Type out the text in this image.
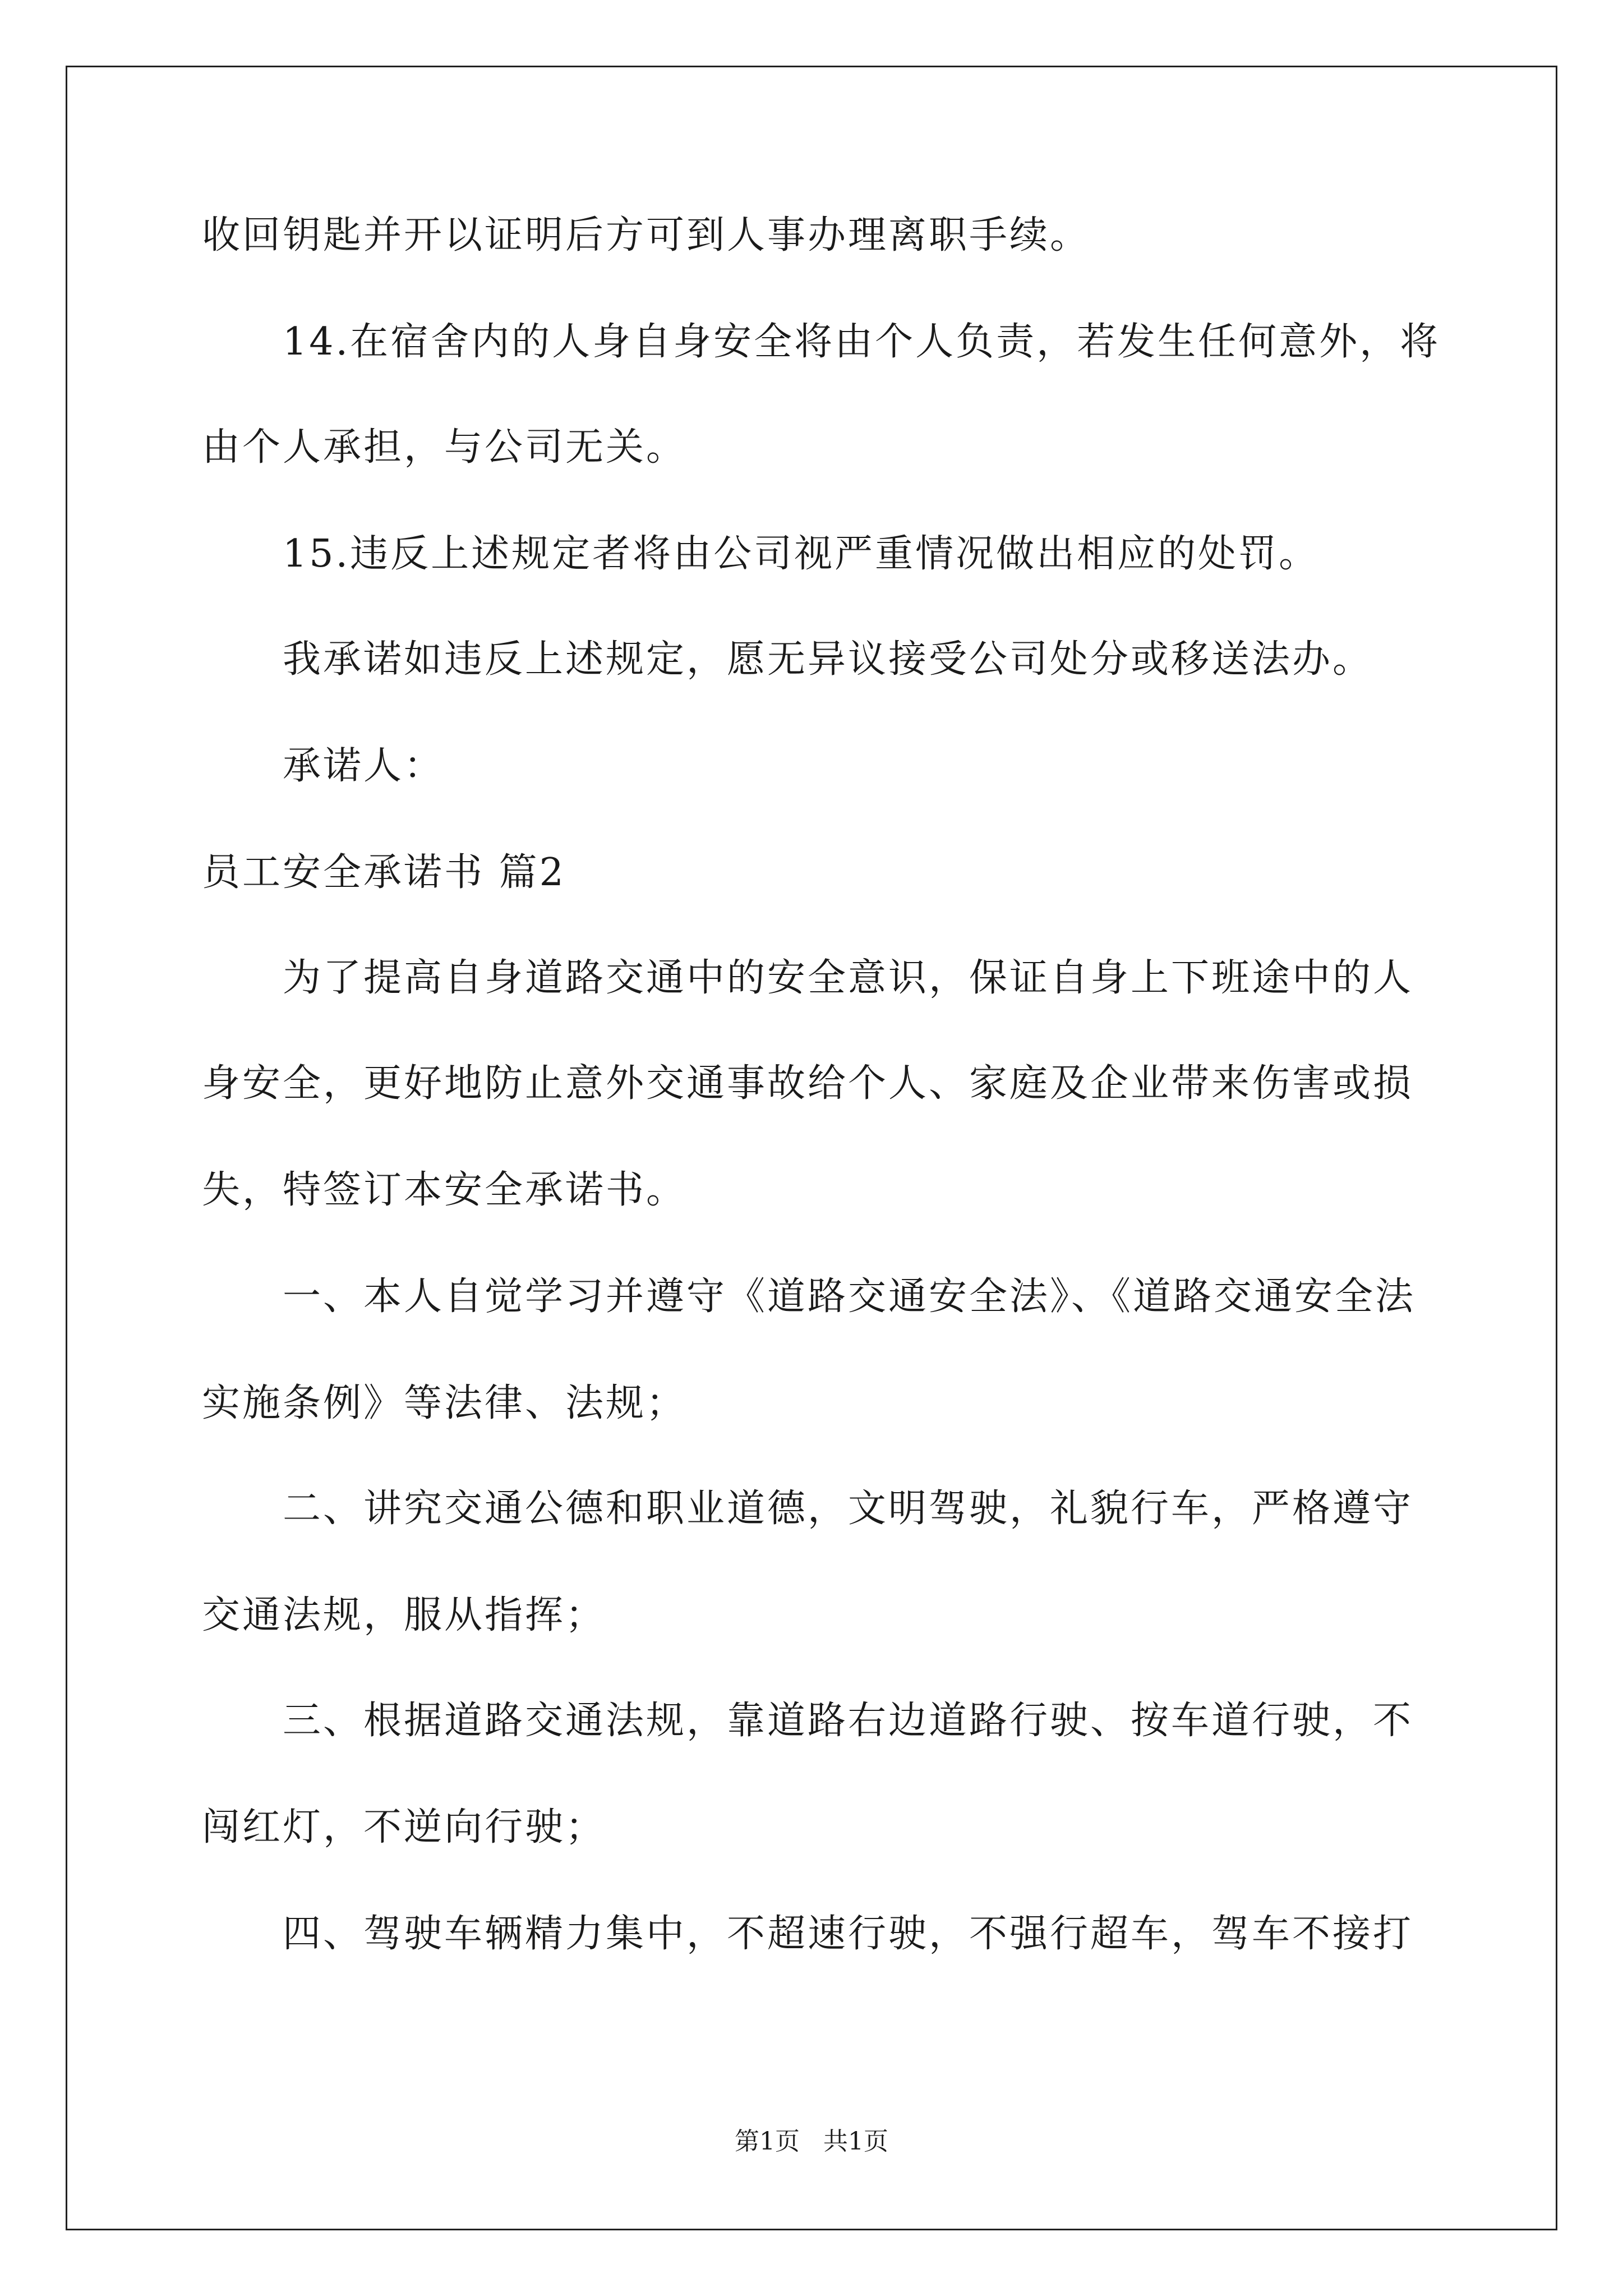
收回钥匙并开以证明后方可到人事办理离职手续。
14.在宿舍内的人身自身安全将由个人负责，若发生任何意外，将
由个人承担，与公司无关。
15.违反上述规定者将由公司视严重情况做出相应的处罚。
我承诺如违反上述规定，愿无异议接受公司处分或移送法办。
承诺人：
员工安全承诺书 篇2
为了提高自身道路交通中的安全意识，保证自身上下班途中的人
身安全，更好地防止意外交通事故给个人、家庭及企业带来伤害或损
失，特签订本安全承诺书。
一、本人自觉学习并遵守《道路交通安全法》、《道路交通安全法
实施条例》等法律、法规；
二、讲究交通公德和职业道德，文明驾驶，礼貌行车，严格遵守
交通法规，服从指挥；
三、根据道路交通法规，靠道路右边道路行驶、按车道行驶，不
闯红灯，不逆向行驶；
四、驾驶车辆精力集中，不超速行驶，不强行超车，驾车不接打
第1页   共1页
